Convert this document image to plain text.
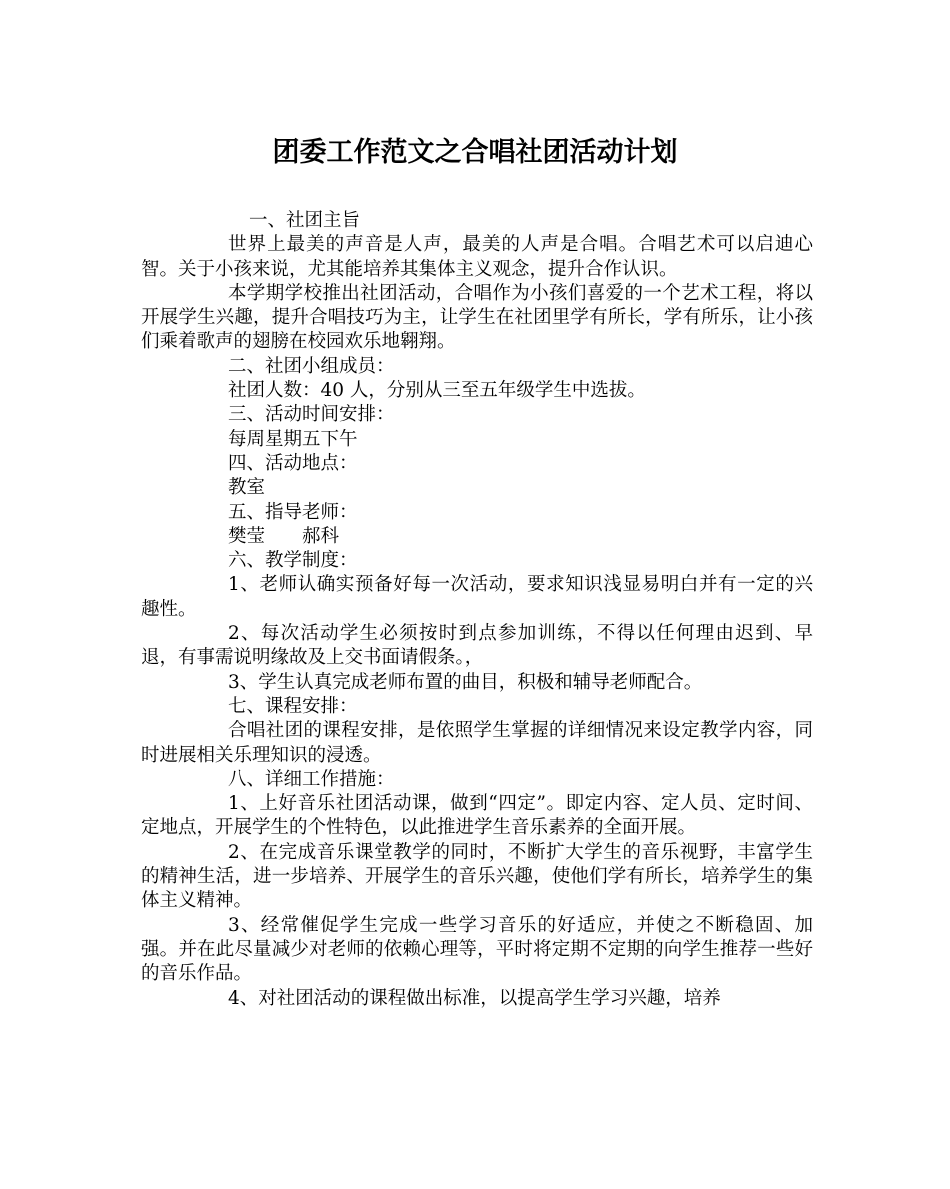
团委工作范文之合唱社团活动计划

一、社团主旨

世界上最美的声音是人声，最美的人声是合唱。合唱艺术可以启迪心智。关于小孩来说，尤其能培养其集体主义观念，提升合作认识。

本学期学校推出社团活动，合唱作为小孩们喜爱的一个艺术工程，将以开展学生兴趣，提升合唱技巧为主，让学生在社团里学有所长，学有所乐，让小孩们乘着歌声的翅膀在校园欢乐地翱翔。

二、社团小组成员：

社团人数：40 人，分别从三至五年级学生中选拔。

三、活动时间安排：

每周星期五下午

四、活动地点：

教室

五、指导老师：

樊莹　　郝科

六、教学制度：

1、老师认确实预备好每一次活动，要求知识浅显易明白并有一定的兴趣性。

2、每次活动学生必须按时到点参加训练，不得以任何理由迟到、早退，有事需说明缘故及上交书面请假条。，

3、学生认真完成老师布置的曲目，积极和辅导老师配合。

七、课程安排：

合唱社团的课程安排，是依照学生掌握的详细情况来设定教学内容，同时进展相关乐理知识的浸透。

八、详细工作措施：

1、上好音乐社团活动课，做到“四定”。即定内容、定人员、定时间、定地点，开展学生的个性特色，以此推进学生音乐素养的全面开展。

2、在完成音乐课堂教学的同时，不断扩大学生的音乐视野，丰富学生的精神生活，进一步培养、开展学生的音乐兴趣，使他们学有所长，培养学生的集体主义精神。

3、经常催促学生完成一些学习音乐的好适应，并使之不断稳固、加强。并在此尽量减少对老师的依赖心理等，平时将定期不定期的向学生推荐一些好的音乐作品。

4、对社团活动的课程做出标准，以提高学生学习兴趣，培养
